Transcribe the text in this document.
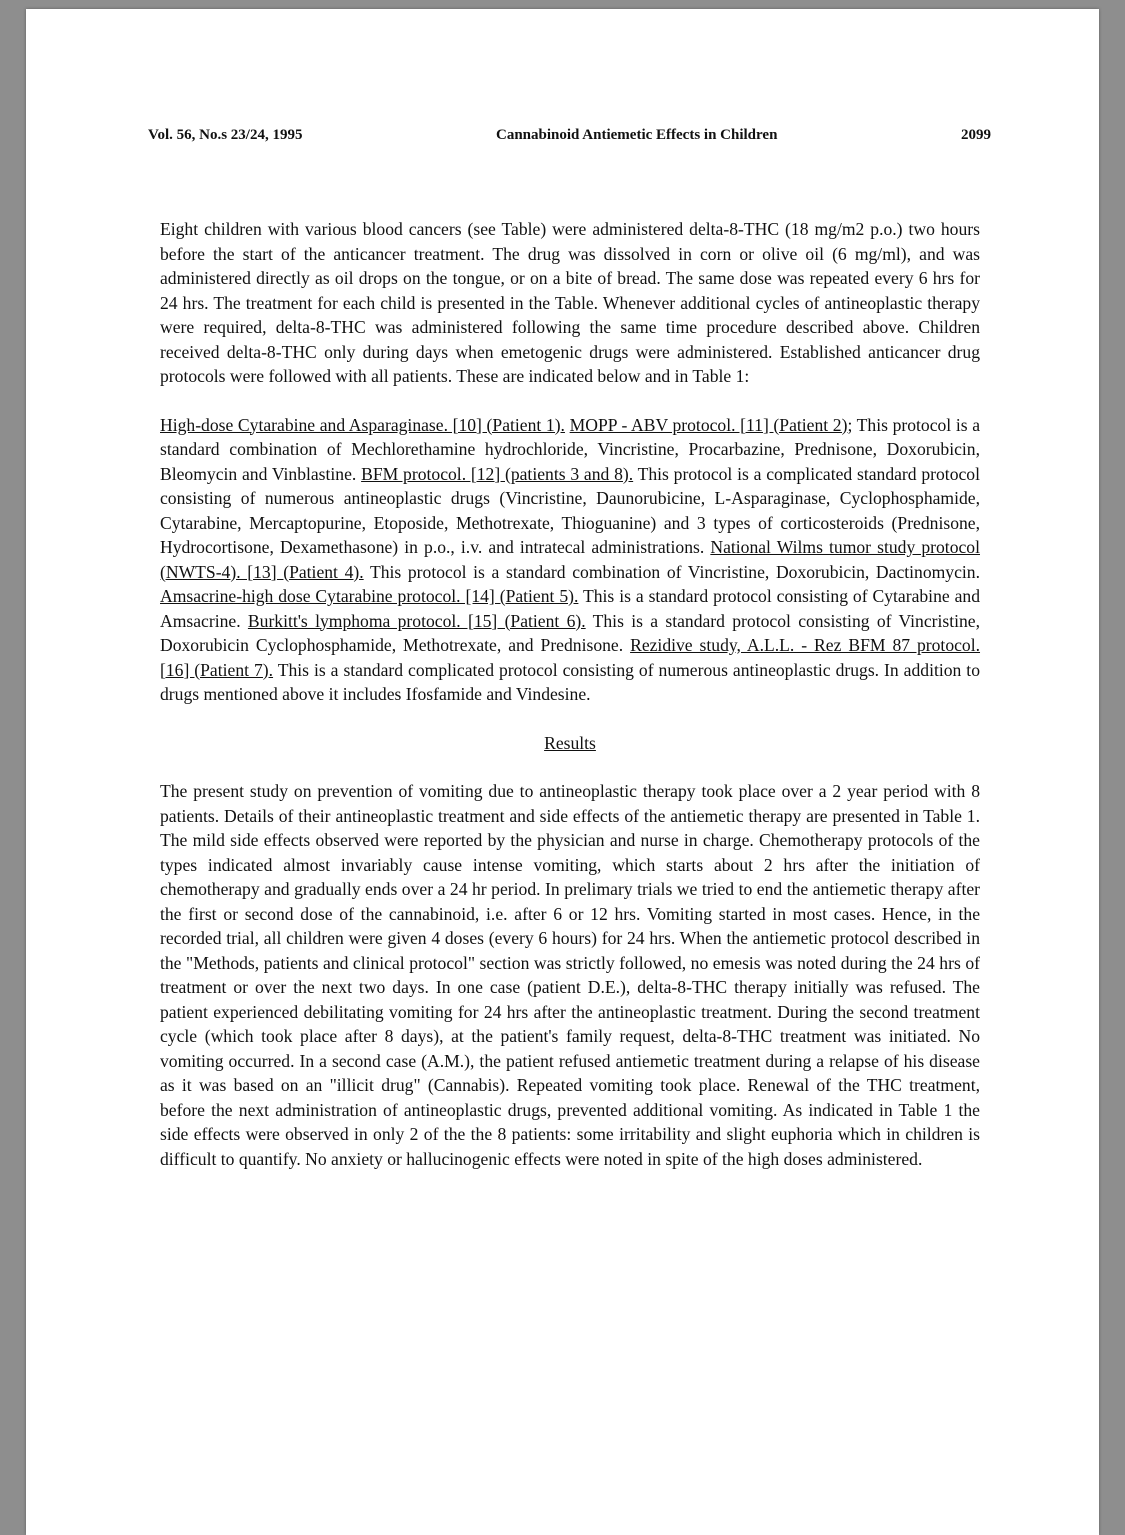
Vol. 56, No.s 23/24, 1995	Cannabinoid Antiemetic Effects in Children	2099

Eight children with various blood cancers (see Table) were administered delta-8-THC (18 mg/m2 p.o.) two hours before the start of the anticancer treatment. The drug was dissolved in corn or olive oil (6 mg/ml), and was administered directly as oil drops on the tongue, or on a bite of bread. The same dose was repeated every 6 hrs for 24 hrs. The treatment for each child is presented in the Table. Whenever additional cycles of antineoplastic therapy were required, delta-8-THC was administered following the same time procedure described above. Children received delta-8-THC only during days when emetogenic drugs were administered. Established anticancer drug protocols were followed with all patients. These are indicated below and in Table 1:

High-dose Cytarabine and Asparaginase. [10] (Patient 1). MOPP - ABV protocol. [11] (Patient 2); This protocol is a standard combination of Mechlorethamine hydrochloride, Vincristine, Procarbazine, Prednisone, Doxorubicin, Bleomycin and Vinblastine. BFM protocol. [12] (patients 3 and 8). This protocol is a complicated standard protocol consisting of numerous antineoplastic drugs (Vincristine, Daunorubicine, L-Asparaginase, Cyclophosphamide, Cytarabine, Mercaptopurine, Etoposide, Methotrexate, Thioguanine) and 3 types of corticosteroids (Prednisone, Hydrocortisone, Dexamethasone) in p.o., i.v. and intratecal administrations. National Wilms tumor study protocol (NWTS-4). [13] (Patient 4). This protocol is a standard combination of Vincristine, Doxorubicin, Dactinomycin. Amsacrine-high dose Cytarabine protocol. [14] (Patient 5). This is a standard protocol consisting of Cytarabine and Amsacrine. Burkitt's lymphoma protocol. [15] (Patient 6). This is a standard protocol consisting of Vincristine, Doxorubicin Cyclophosphamide, Methotrexate, and Prednisone. Rezidive study, A.L.L. - Rez BFM 87 protocol. [16] (Patient 7). This is a standard complicated protocol consisting of numerous antineoplastic drugs. In addition to drugs mentioned above it includes Ifosfamide and Vindesine.

Results

The present study on prevention of vomiting due to antineoplastic therapy took place over a 2 year period with 8 patients. Details of their antineoplastic treatment and side effects of the antiemetic therapy are presented in Table 1. The mild side effects observed were reported by the physician and nurse in charge. Chemotherapy protocols of the types indicated almost invariably cause intense vomiting, which starts about 2 hrs after the initiation of chemotherapy and gradually ends over a 24 hr period. In prelimary trials we tried to end the antiemetic therapy after the first or second dose of the cannabinoid, i.e. after 6 or 12 hrs. Vomiting started in most cases. Hence, in the recorded trial, all children were given 4 doses (every 6 hours) for 24 hrs. When the antiemetic protocol described in the "Methods, patients and clinical protocol" section was strictly followed, no emesis was noted during the 24 hrs of treatment or over the next two days. In one case (patient D.E.), delta-8-THC therapy initially was refused. The patient experienced debilitating vomiting for 24 hrs after the antineoplastic treatment. During the second treatment cycle (which took place after 8 days), at the patient's family request, delta-8-THC treatment was initiated. No vomiting occurred. In a second case (A.M.), the patient refused antiemetic treatment during a relapse of his disease as it was based on an "illicit drug" (Cannabis). Repeated vomiting took place. Renewal of the THC treatment, before the next administration of antineoplastic drugs, prevented additional vomiting. As indicated in Table 1 the side effects were observed in only 2 of the the 8 patients: some irritability and slight euphoria which in children is difficult to quantify. No anxiety or hallucinogenic effects were noted in spite of the high doses administered.
